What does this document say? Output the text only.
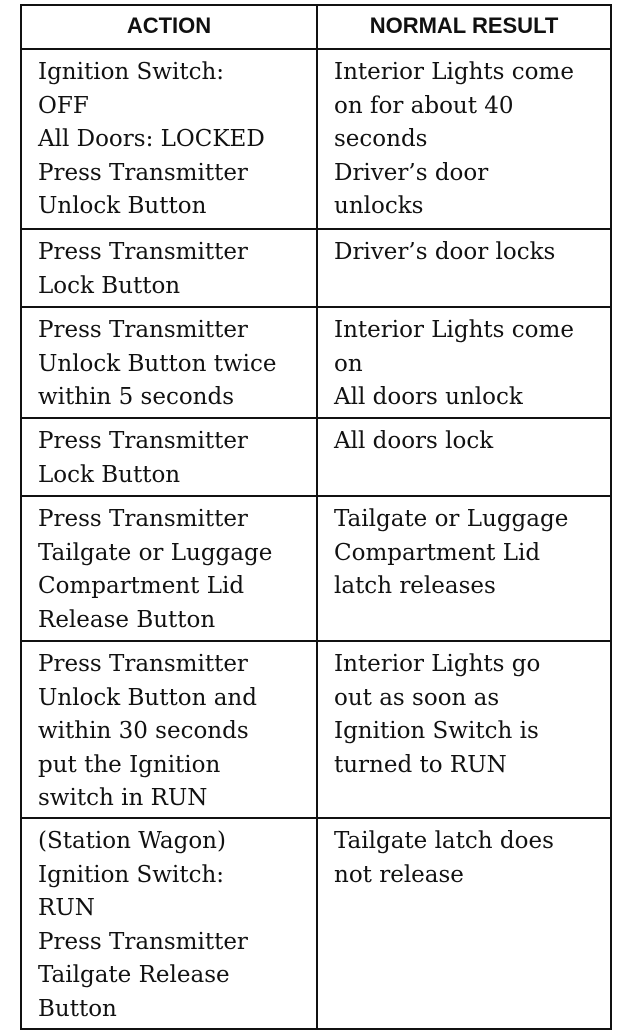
ACTION	NORMAL RESULT
Ignition Switch:
OFF
All Doors: LOCKED
Press Transmitter
Unlock Button
Interior Lights come
on for about 40
seconds
Driver’s door
unlocks
Press Transmitter
Lock Button
Driver’s door locks
Press Transmitter
Unlock Button twice
within 5 seconds
Interior Lights come
on
All doors unlock
Press Transmitter
Lock Button
All doors lock
Press Transmitter
Tailgate or Luggage
Compartment Lid
Release Button
Tailgate or Luggage
Compartment Lid
latch releases
Press Transmitter
Unlock Button and
within 30 seconds
put the Ignition
switch in RUN
Interior Lights go
out as soon as
Ignition Switch is
turned to RUN
(Station Wagon)
Ignition Switch:
RUN
Press Transmitter
Tailgate Release
Button
Tailgate latch does
not release
